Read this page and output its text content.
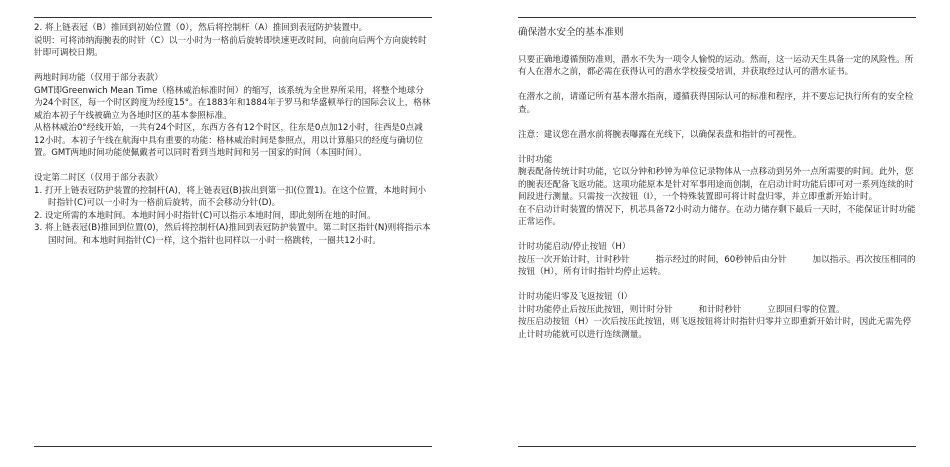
2. 将上链表冠（B）推回到初始位置（0），然后将控制杆（A）推回到表冠防护装置中。

说明：可将沛纳海腕表的时针（C）以一小时为一格前后旋转即快速更改时间，向前向后两个方向旋转时针即可调校日期。

两地时间功能（仅用于部分表款）

GMT即Greenwich Mean Time（格林威治标准时间）的缩写，该系统为全世界所采用，将整个地球分为24个时区，每一个时区跨度为经度15°。在1883年和1884年于罗马和华盛顿举行的国际会议上，格林威治本初子午线被确立为各地时区的基本参照标准。

从格林威治0°经线开始，一共有24个时区，东西方各有12个时区，往东是0点加12小时，往西是0点减12小时。本初子午线在航海中具有重要的功能：格林威治时间是参照点，用以计算船只的经度与确切位置。GMT两地时间功能使佩戴者可以同时看到当地时间和另一国家的时间（本国时间）。

设定第二时区（仅用于部分表款）

1. 打开上链表冠防护装置的控制杆(A)，将上链表冠(B)拔出到第一扣(位置1)。在这个位置，本地时间小时指针(C)可以一小时为一格前后旋转，而不会移动分针(D)。

2. 设定所需的本地时间。本地时间小时指针(C)可以指示本地时间，即此刻所在地的时间。

3. 将上链表冠(B)推回到位置(0)，然后将控制杆(A)推回到表冠防护装置中。第二时区指针(N)则将指示本国时间。和本地时间指针(C)一样，这个指针也同样以一小时一格跳转，一圈共12小时。

确保潜水安全的基本准则

只要正确地遵循预防准则，潜水不失为一项令人愉悦的运动。然而，这一运动天生具备一定的风险性。所有人在潜水之前，都必需在获得认可的潜水学校接受培训，并获取经过认可的潜水证书。

在潜水之前，请谨记所有基本潜水指南，遵循获得国际认可的标准和程序，并不要忘记执行所有的安全检查。

注意：建议您在潜水前将腕表曝露在光线下，以确保表盘和指针的可视性。

计时功能

腕表配备传统计时功能，它以分钟和秒钟为单位记录物体从一点移动到另外一点所需要的时间。此外，您的腕表还配备飞返功能。这项功能原本是针对军事用途而创制，在启动计时功能后即可对一系列连续的时间段进行测量。只需按一次按钮（I），一个特殊装置即可将计时盘归零，并立即重新开始计时。

在不启动计时装置的情况下，机芯具备72小时动力储存。在动力储存剩下最后一天时，不能保证计时功能正常运作。

计时功能启动/停止按钮（H）

按压一次开始计时，计时秒针　　　指示经过的时间，60秒钟后由分针　　　加以指示。再次按压相同的按钮（H），所有计时指针均停止运转。

计时功能归零及飞返按钮（I）

计时功能停止后按压此按钮，则计时分针　　　和计时秒针　　　立即回归零的位置。

按压启动按钮（H）一次后按压此按钮，则飞返按钮将计时指针归零并立即重新开始计时，因此无需先停止计时功能就可以进行连续测量。
